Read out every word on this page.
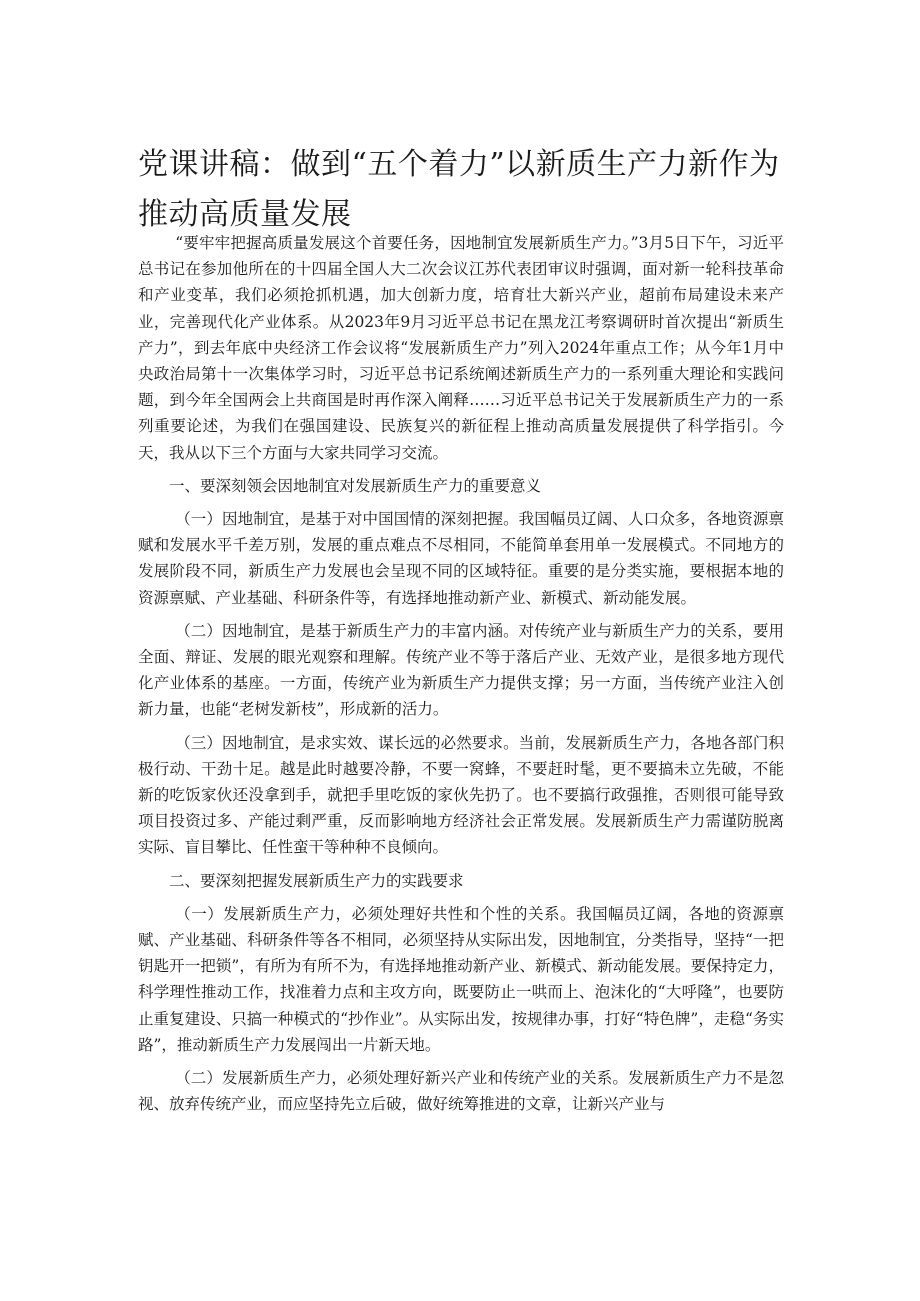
党课讲稿：做到“五个着力”以新质生产力新作为
推动高质量发展

“要牢牢把握高质量发展这个首要任务，因地制宜发展新质生产力。”3月5日下午，习近平总书记在参加他所在的十四届全国人大二次会议江苏代表团审议时强调，面对新一轮科技革命和产业变革，我们必须抢抓机遇，加大创新力度，培育壮大新兴产业，超前布局建设未来产业，完善现代化产业体系。从2023年9月习近平总书记在黑龙江考察调研时首次提出“新质生产力”，到去年底中央经济工作会议将“发展新质生产力”列入2024年重点工作；从今年1月中央政治局第十一次集体学习时，习近平总书记系统阐述新质生产力的一系列重大理论和实践问题，到今年全国两会上共商国是时再作深入阐释……习近平总书记关于发展新质生产力的一系列重要论述，为我们在强国建设、民族复兴的新征程上推动高质量发展提供了科学指引。今天，我从以下三个方面与大家共同学习交流。

一、要深刻领会因地制宜对发展新质生产力的重要意义

（一）因地制宜，是基于对中国国情的深刻把握。我国幅员辽阔、人口众多，各地资源禀赋和发展水平千差万别，发展的重点难点不尽相同，不能简单套用单一发展模式。不同地方的发展阶段不同，新质生产力发展也会呈现不同的区域特征。重要的是分类实施，要根据本地的资源禀赋、产业基础、科研条件等，有选择地推动新产业、新模式、新动能发展。

（二）因地制宜，是基于新质生产力的丰富内涵。对传统产业与新质生产力的关系，要用全面、辩证、发展的眼光观察和理解。传统产业不等于落后产业、无效产业，是很多地方现代化产业体系的基座。一方面，传统产业为新质生产力提供支撑；另一方面，当传统产业注入创新力量，也能“老树发新枝”，形成新的活力。

（三）因地制宜，是求实效、谋长远的必然要求。当前，发展新质生产力，各地各部门积极行动、干劲十足。越是此时越要冷静，不要一窝蜂，不要赶时髦，更不要搞未立先破，不能新的吃饭家伙还没拿到手，就把手里吃饭的家伙先扔了。也不要搞行政强推，否则很可能导致项目投资过多、产能过剩严重，反而影响地方经济社会正常发展。发展新质生产力需谨防脱离实际、盲目攀比、任性蛮干等种种不良倾向。

二、要深刻把握发展新质生产力的实践要求

（一）发展新质生产力，必须处理好共性和个性的关系。我国幅员辽阔，各地的资源禀赋、产业基础、科研条件等各不相同，必须坚持从实际出发，因地制宜，分类指导，坚持“一把钥匙开一把锁”，有所为有所不为，有选择地推动新产业、新模式、新动能发展。要保持定力，科学理性推动工作，找准着力点和主攻方向，既要防止一哄而上、泡沫化的“大呼隆”，也要防止重复建设、只搞一种模式的“抄作业”。从实际出发，按规律办事，打好“特色牌”，走稳“务实路”，推动新质生产力发展闯出一片新天地。

（二）发展新质生产力，必须处理好新兴产业和传统产业的关系。发展新质生产力不是忽视、放弃传统产业，而应坚持先立后破，做好统筹推进的文章，让新兴产业与
